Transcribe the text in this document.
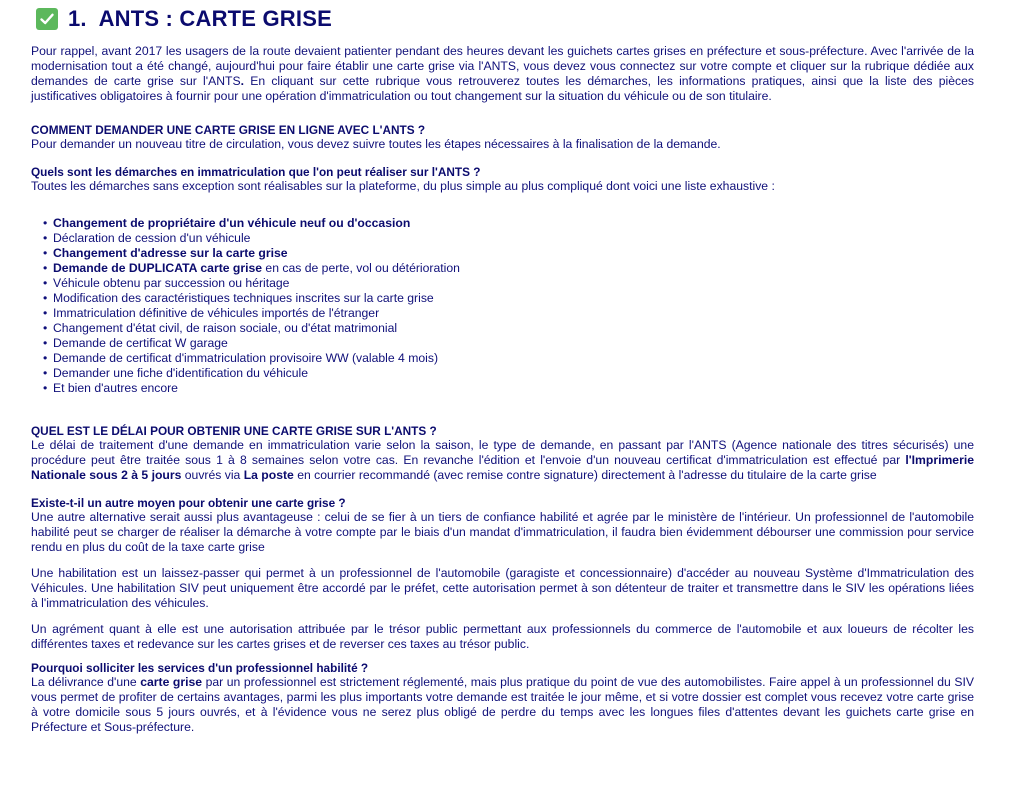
1. ANTS : CARTE GRISE

Pour rappel, avant 2017 les usagers de la route devaient patienter pendant des heures devant les guichets cartes grises en préfecture et sous-préfecture. Avec l'arrivée de la modernisation tout a été changé, aujourd'hui pour faire établir une carte grise via l'ANTS, vous devez vous connectez sur votre compte et cliquer sur la rubrique dédiée aux demandes de carte grise sur l'ANTS. En cliquant sur cette rubrique vous retrouverez toutes les démarches, les informations pratiques, ainsi que la liste des pièces justificatives obligatoires à fournir pour une opération d'immatriculation ou tout changement sur la situation du véhicule ou de son titulaire.

COMMENT DEMANDER UNE CARTE GRISE EN LIGNE AVEC L'ANTS ?

Pour demander un nouveau titre de circulation, vous devez suivre toutes les étapes nécessaires à la finalisation de la demande.

Quels sont les démarches en immatriculation que l'on peut réaliser sur l'ANTS ?

Toutes les démarches sans exception sont réalisables sur la plateforme, du plus simple au plus compliqué dont voici une liste exhaustive :

• Changement de propriétaire d'un véhicule neuf ou d'occasion
• Déclaration de cession d'un véhicule
• Changement d'adresse sur la carte grise
• Demande de DUPLICATA carte grise en cas de perte, vol ou détérioration
• Véhicule obtenu par succession ou héritage
• Modification des caractéristiques techniques inscrites sur la carte grise
• Immatriculation définitive de véhicules importés de l'étranger
• Changement d'état civil, de raison sociale, ou d'état matrimonial
• Demande de certificat W garage
• Demande de certificat d'immatriculation provisoire WW (valable 4 mois)
• Demander une fiche d'identification du véhicule
• Et bien d'autres encore

QUEL EST LE DÉLAI POUR OBTENIR UNE CARTE GRISE SUR L'ANTS ?

Le délai de traitement d'une demande en immatriculation varie selon la saison, le type de demande, en passant par l'ANTS (Agence nationale des titres sécurisés) une procédure peut être traitée sous 1 à 8 semaines selon votre cas. En revanche l'édition et l'envoie d'un nouveau certificat d'immatriculation est effectué par l'Imprimerie Nationale sous 2 à 5 jours ouvrés via La poste en courrier recommandé (avec remise contre signature) directement à l'adresse du titulaire de la carte grise

Existe-t-il un autre moyen pour obtenir une carte grise ?

Une autre alternative serait aussi plus avantageuse : celui de se fier à un tiers de confiance habilité et agrée par le ministère de l'intérieur. Un professionnel de l'automobile habilité peut se charger de réaliser la démarche à votre compte par le biais d'un mandat d'immatriculation, il faudra bien évidemment débourser une commission pour service rendu en plus du coût de la taxe carte grise

Une habilitation est un laissez-passer qui permet à un professionnel de l'automobile (garagiste et concessionnaire) d'accéder au nouveau Système d'Immatriculation des Véhicules. Une habilitation SIV peut uniquement être accordé par le préfet, cette autorisation permet à son détenteur de traiter et transmettre dans le SIV les opérations liées à l'immatriculation des véhicules.

Un agrément quant à elle est une autorisation attribuée par le trésor public permettant aux professionnels du commerce de l'automobile et aux loueurs de récolter les différentes taxes et redevance sur les cartes grises et de reverser ces taxes au trésor public.

Pourquoi solliciter les services d'un professionnel habilité ?

La délivrance d'une carte grise par un professionnel est strictement réglementé, mais plus pratique du point de vue des automobilistes. Faire appel à un professionnel du SIV vous permet de profiter de certains avantages, parmi les plus importants votre demande est traitée le jour même, et si votre dossier est complet vous recevez votre carte grise à votre domicile sous 5 jours ouvrés, et à l'évidence vous ne serez plus obligé de perdre du temps avec les longues files d'attentes devant les guichets carte grise en Préfecture et Sous-préfecture.
